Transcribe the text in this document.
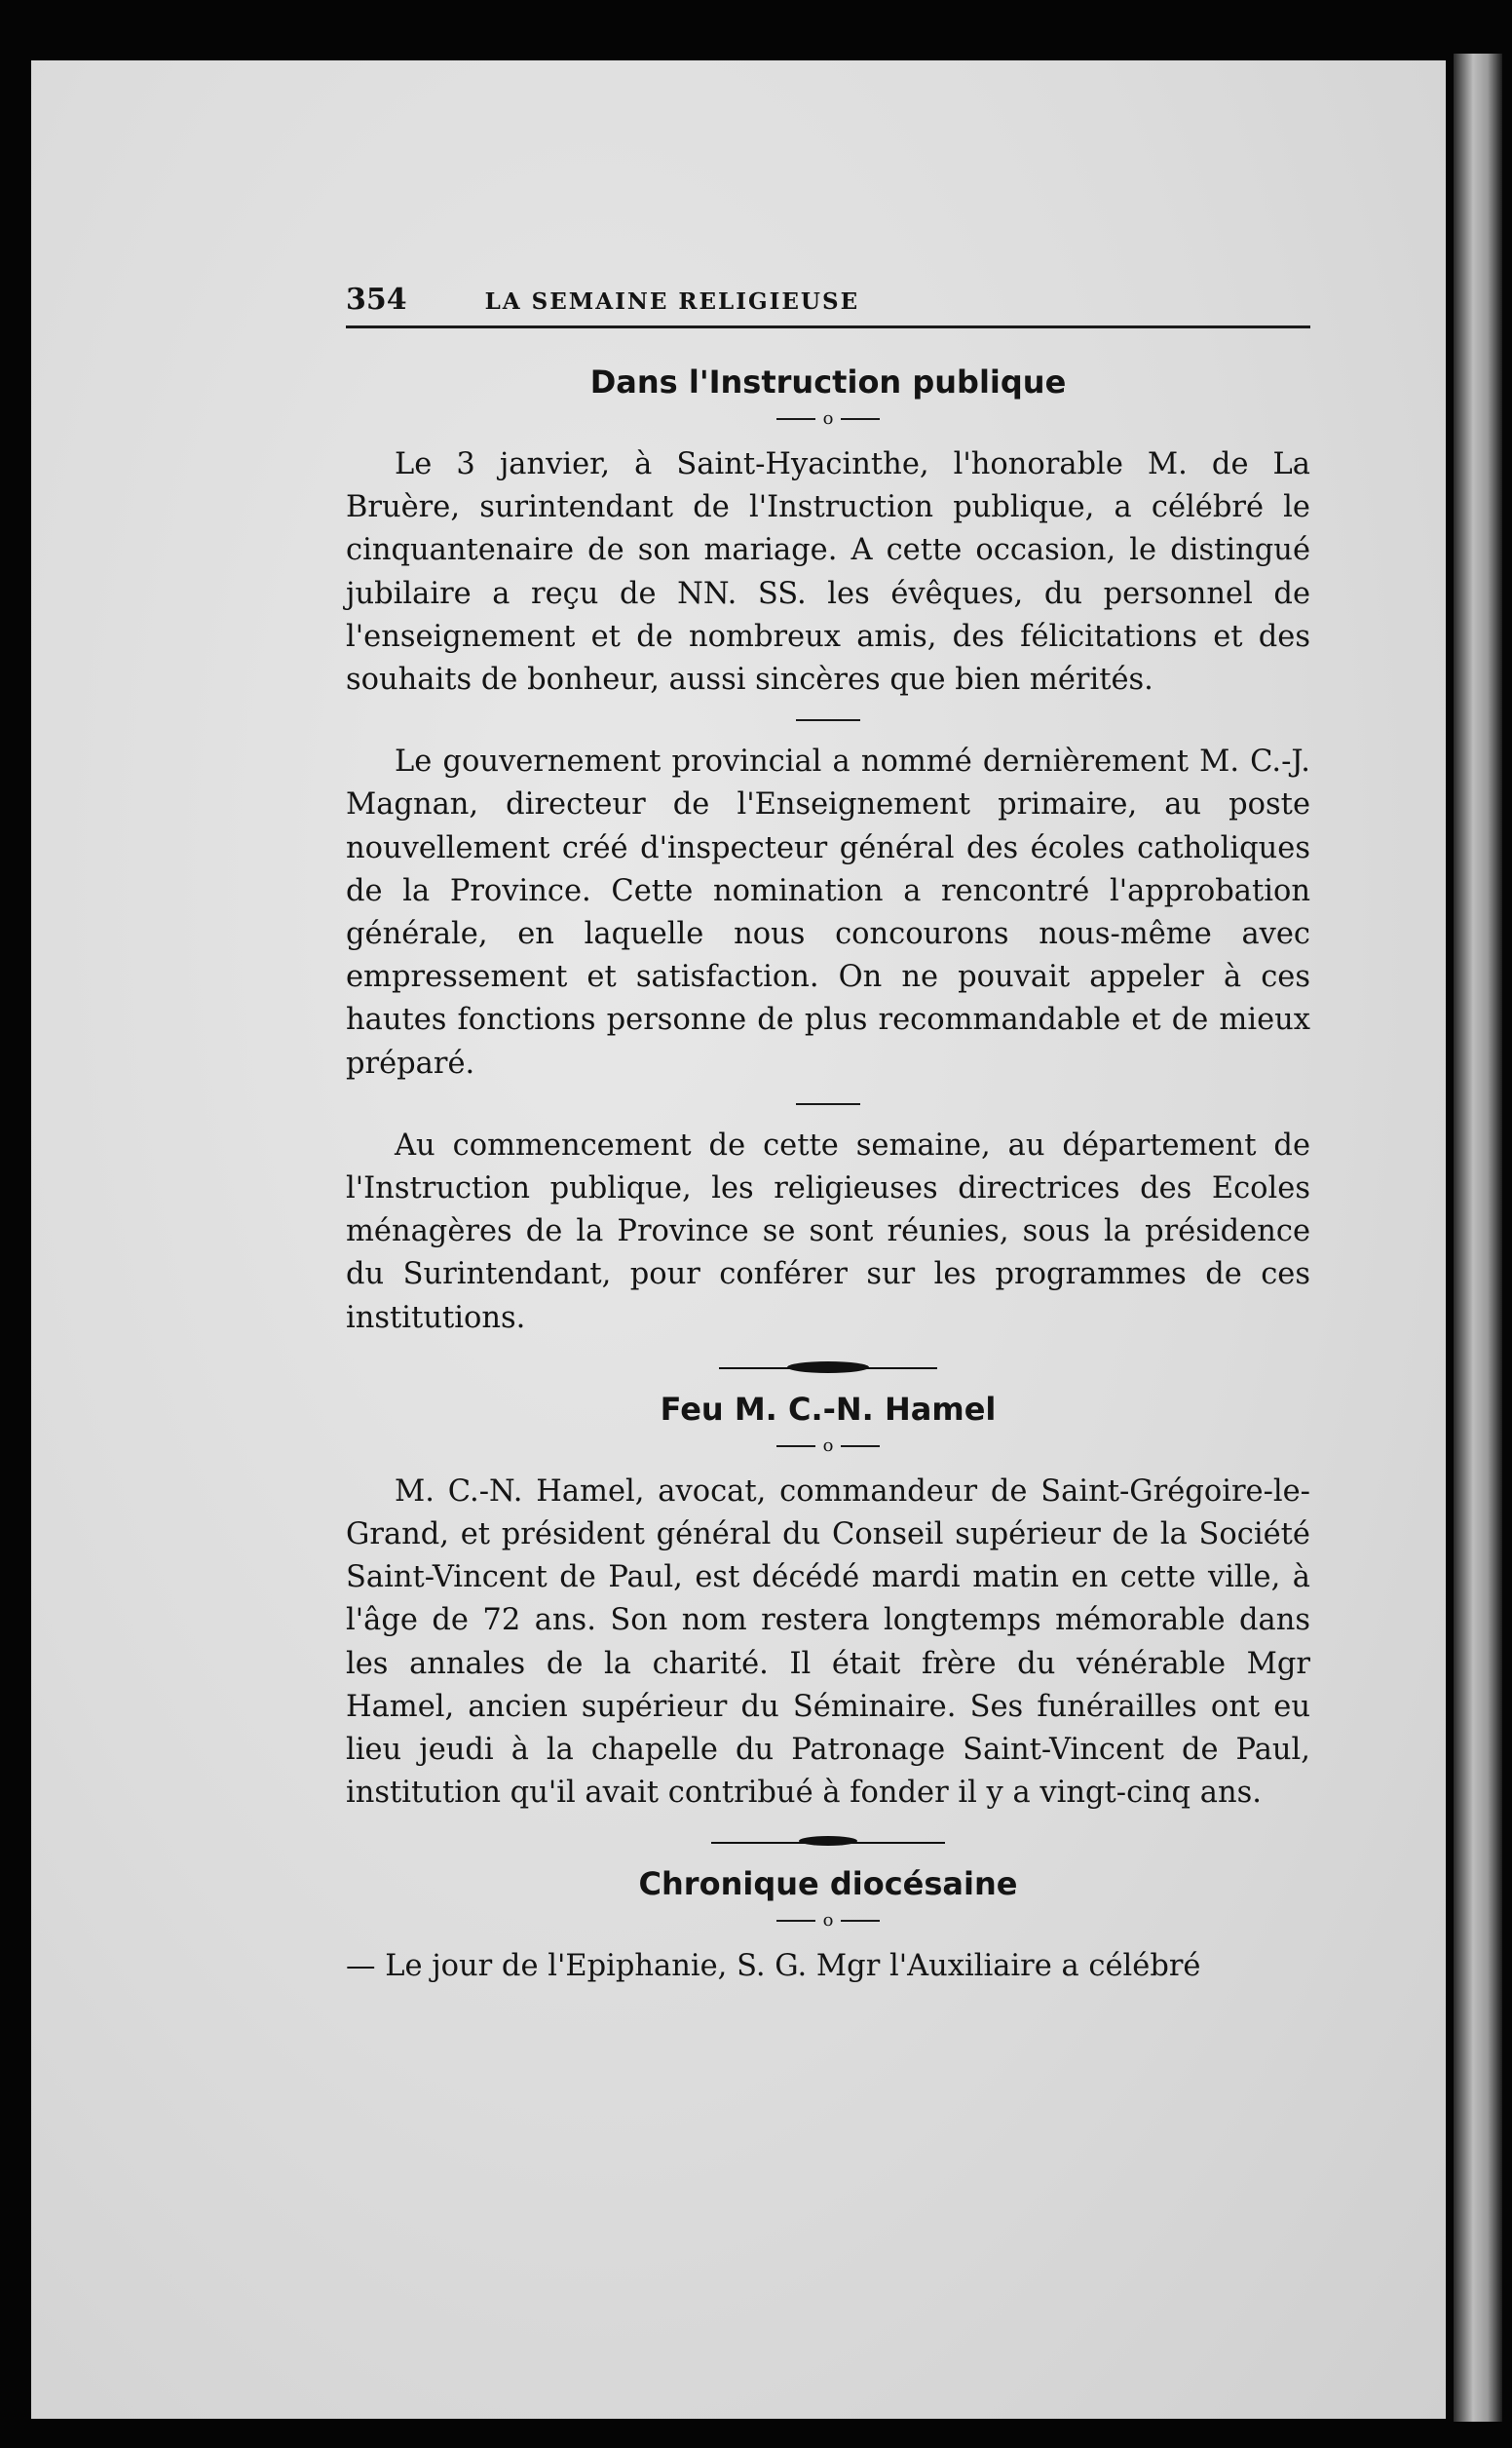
354	LA SEMAINE RELIGIEUSE
Dans l'Instruction publique
o

Le 3 janvier, à Saint-Hyacinthe, l'honorable M. de La Bruère, surintendant de l'Instruction publique, a célébré le cinquantenaire de son mariage. A cette occasion, le distingué jubilaire a reçu de NN. SS. les évêques, du personnel de l'enseignement et de nombreux amis, des félicitations et des souhaits de bonheur, aussi sincères que bien mérités.

Le gouvernement provincial a nommé dernièrement M. C.-J. Magnan, directeur de l'Enseignement primaire, au poste nouvellement créé d'inspecteur général des écoles catholiques de la Province. Cette nomination a rencontré l'approbation générale, en laquelle nous concourons nous-même avec empressement et satisfaction. On ne pouvait appeler à ces hautes fonctions personne de plus recommandable et de mieux préparé.

Au commencement de cette semaine, au département de l'Instruction publique, les religieuses directrices des Ecoles ménagères de la Province se sont réunies, sous la présidence du Surintendant, pour conférer sur les programmes de ces institutions.

Feu M. C.-N. Hamel
o

M. C.-N. Hamel, avocat, commandeur de Saint-Grégoire-le-Grand, et président général du Conseil supérieur de la Société Saint-Vincent de Paul, est décédé mardi matin en cette ville, à l'âge de 72 ans. Son nom restera longtemps mémorable dans les annales de la charité. Il était frère du vénérable Mgr Hamel, ancien supérieur du Séminaire. Ses funérailles ont eu lieu jeudi à la chapelle du Patronage Saint-Vincent de Paul, institution qu'il avait contribué à fonder il y a vingt-cinq ans.

Chronique diocésaine
o

— Le jour de l'Epiphanie, S. G. Mgr l'Auxiliaire a célébré
